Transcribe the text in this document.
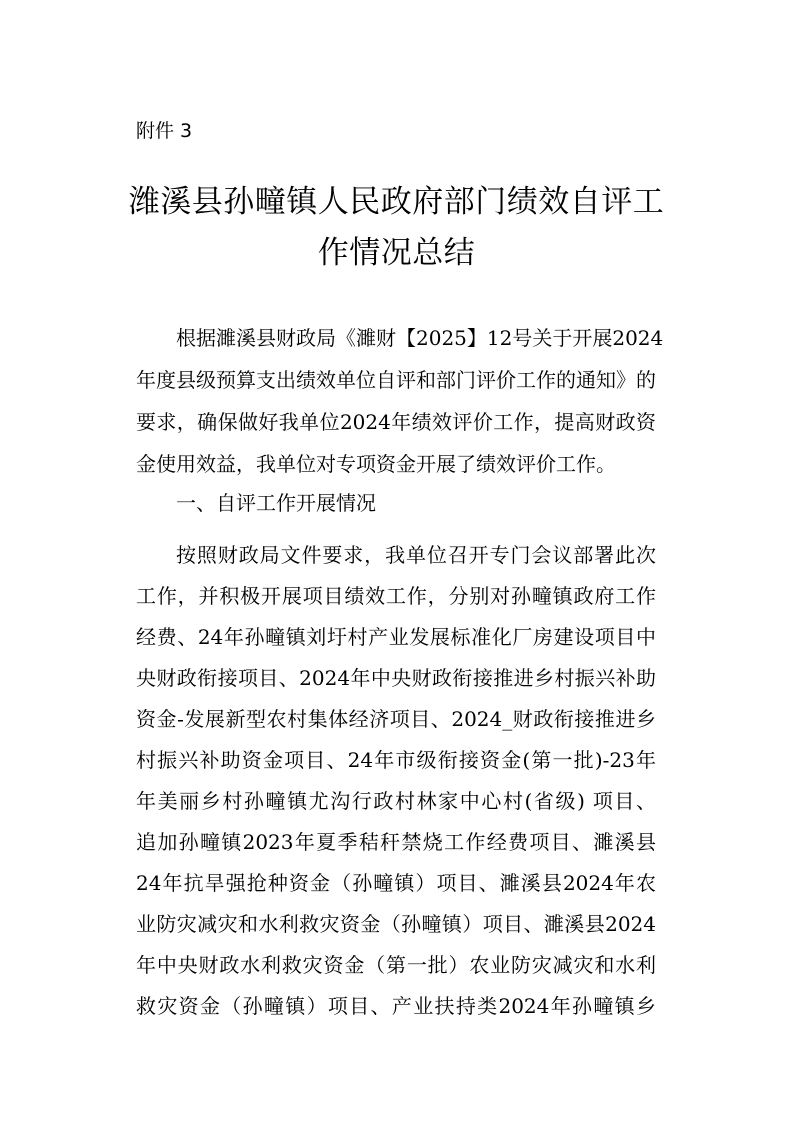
附件 3
潍溪县孙疃镇人民政府部门绩效自评工
作情况总结
根据濉溪县财政局《濉财【2025】12号关于开展2024
年度县级预算支出绩效单位自评和部门评价工作的通知》的
要求，确保做好我单位2024年绩效评价工作，提高财政资
金使用效益，我单位对专项资金开展了绩效评价工作。
一、自评工作开展情况
按照财政局文件要求，我单位召开专门会议部署此次
工作，并积极开展项目绩效工作，分别对孙疃镇政府工作
经费、24年孙疃镇刘圩村产业发展标准化厂房建设项目中
央财政衔接项目、2024年中央财政衔接推进乡村振兴补助
资金-发展新型农村集体经济项目、2024_财政衔接推进乡
村振兴补助资金项目、24年市级衔接资金(第一批)-23年
年美丽乡村孙疃镇尤沟行政村林家中心村(省级) 项目、
追加孙疃镇2023年夏季秸秆禁烧工作经费项目、濉溪县
24年抗旱强抢种资金（孙疃镇）项目、濉溪县2024年农
业防灾减灾和水利救灾资金（孙疃镇）项目、濉溪县2024
年中央财政水利救灾资金（第一批）农业防灾减灾和水利
救灾资金（孙疃镇）项目、产业扶持类2024年孙疃镇乡
